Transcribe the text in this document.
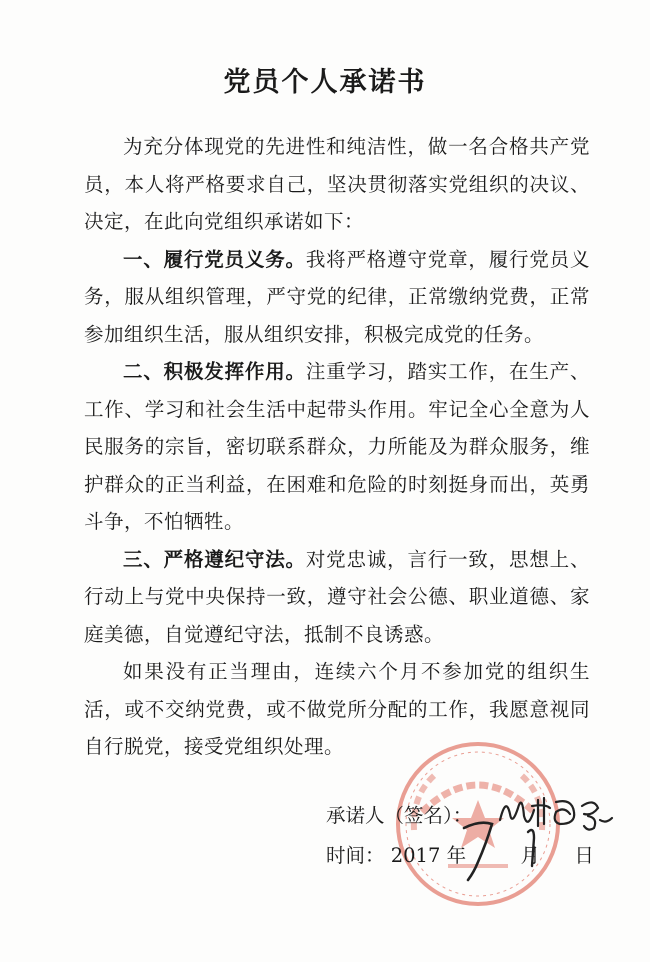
党员个人承诺书

为充分体现党的先进性和纯洁性，做一名合格共产党员，本人将严格要求自己，坚决贯彻落实党组织的决议、决定，在此向党组织承诺如下：

一、履行党员义务。我将严格遵守党章，履行党员义务，服从组织管理，严守党的纪律，正常缴纳党费，正常参加组织生活，服从组织安排，积极完成党的任务。

二、积极发挥作用。注重学习，踏实工作，在生产、工作、学习和社会生活中起带头作用。牢记全心全意为人民服务的宗旨，密切联系群众，力所能及为群众服务，维护群众的正当利益，在困难和危险的时刻挺身而出，英勇斗争，不怕牺牲。

三、严格遵纪守法。对党忠诚，言行一致，思想上、行动上与党中央保持一致，遵守社会公德、职业道德、家庭美德，自觉遵纪守法，抵制不良诱惑。

如果没有正当理由，连续六个月不参加党的组织生活，或不交纳党费，或不做党所分配的工作，我愿意视同自行脱党，接受党组织处理。

承诺人（签名）：
时间： 2017 年	月 日
